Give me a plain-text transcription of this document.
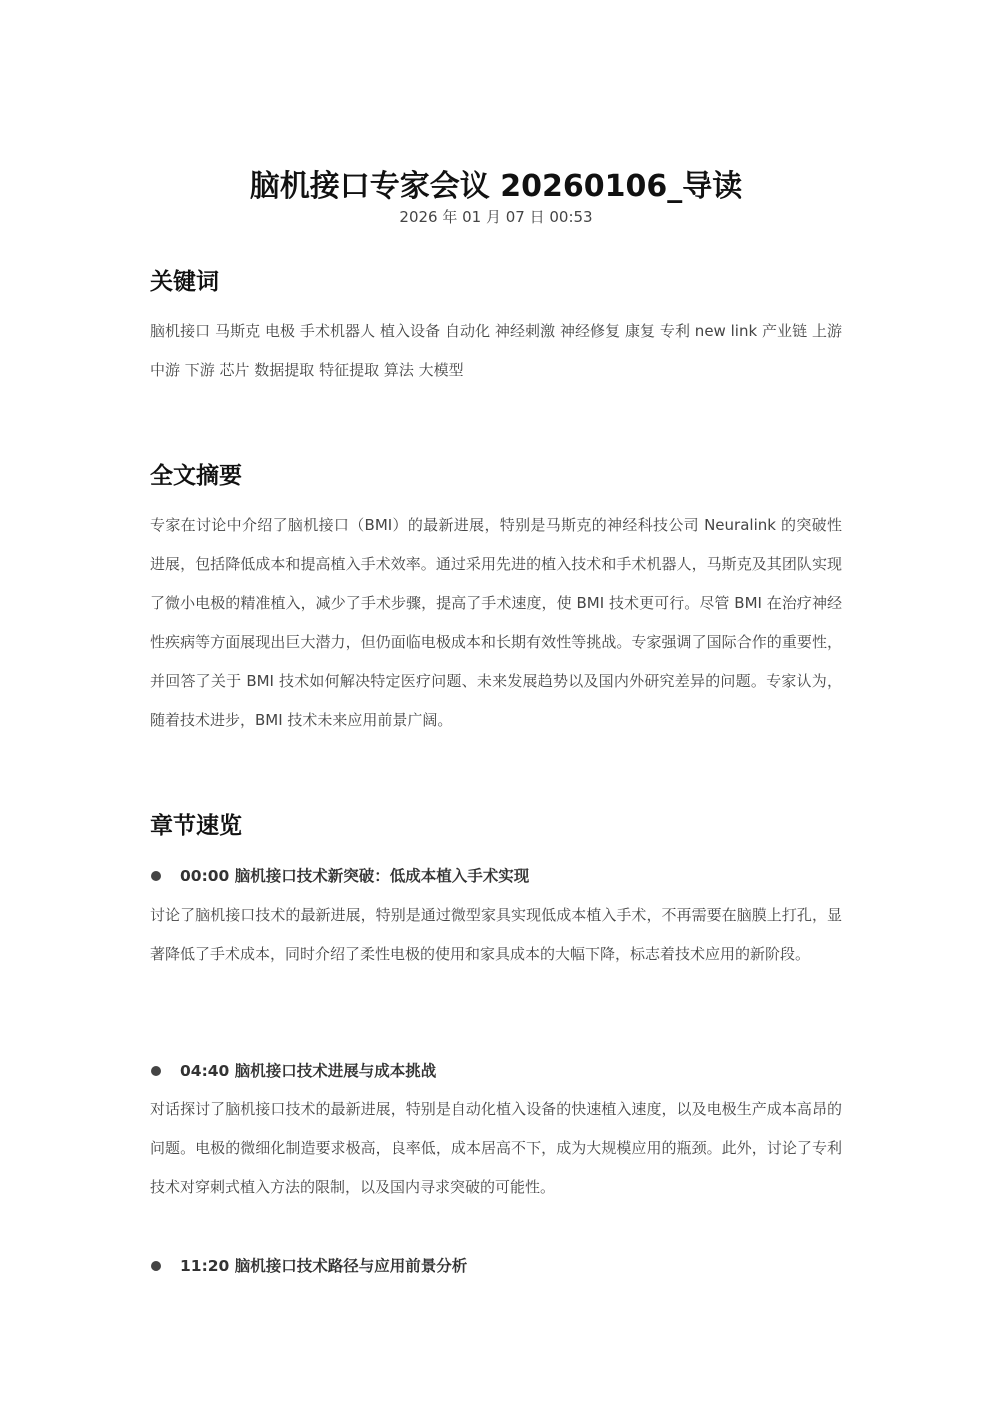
脑机接口专家会议 20260106_导读
2026 年 01 月 07 日 00:53
关键词

脑机接口 马斯克 电极 手术机器人 植入设备 自动化 神经刺激 神经修复 康复 专利 new link 产业链 上游 中游 下游 芯片 数据提取 特征提取 算法 大模型

全文摘要

专家在讨论中介绍了脑机接口（BMI）的最新进展，特别是马斯克的神经科技公司 Neuralink 的突破性进展，包括降低成本和提高植入手术效率。通过采用先进的植入技术和手术机器人，马斯克及其团队实现了微小电极的精准植入，减少了手术步骤，提高了手术速度，使 BMI 技术更可行。尽管 BMI 在治疗神经性疾病等方面展现出巨大潜力，但仍面临电极成本和长期有效性等挑战。专家强调了国际合作的重要性，并回答了关于 BMI 技术如何解决特定医疗问题、未来发展趋势以及国内外研究差异的问题。专家认为，随着技术进步，BMI 技术未来应用前景广阔。

章节速览
00:00 脑机接口技术新突破：低成本植入手术实现

讨论了脑机接口技术的最新进展，特别是通过微型家具实现低成本植入手术，不再需要在脑膜上打孔，显著降低了手术成本，同时介绍了柔性电极的使用和家具成本的大幅下降，标志着技术应用的新阶段。

04:40 脑机接口技术进展与成本挑战

对话探讨了脑机接口技术的最新进展，特别是自动化植入设备的快速植入速度，以及电极生产成本高昂的问题。电极的微细化制造要求极高，良率低，成本居高不下，成为大规模应用的瓶颈。此外，讨论了专利技术对穿刺式植入方法的限制，以及国内寻求突破的可能性。

11:20 脑机接口技术路径与应用前景分析
